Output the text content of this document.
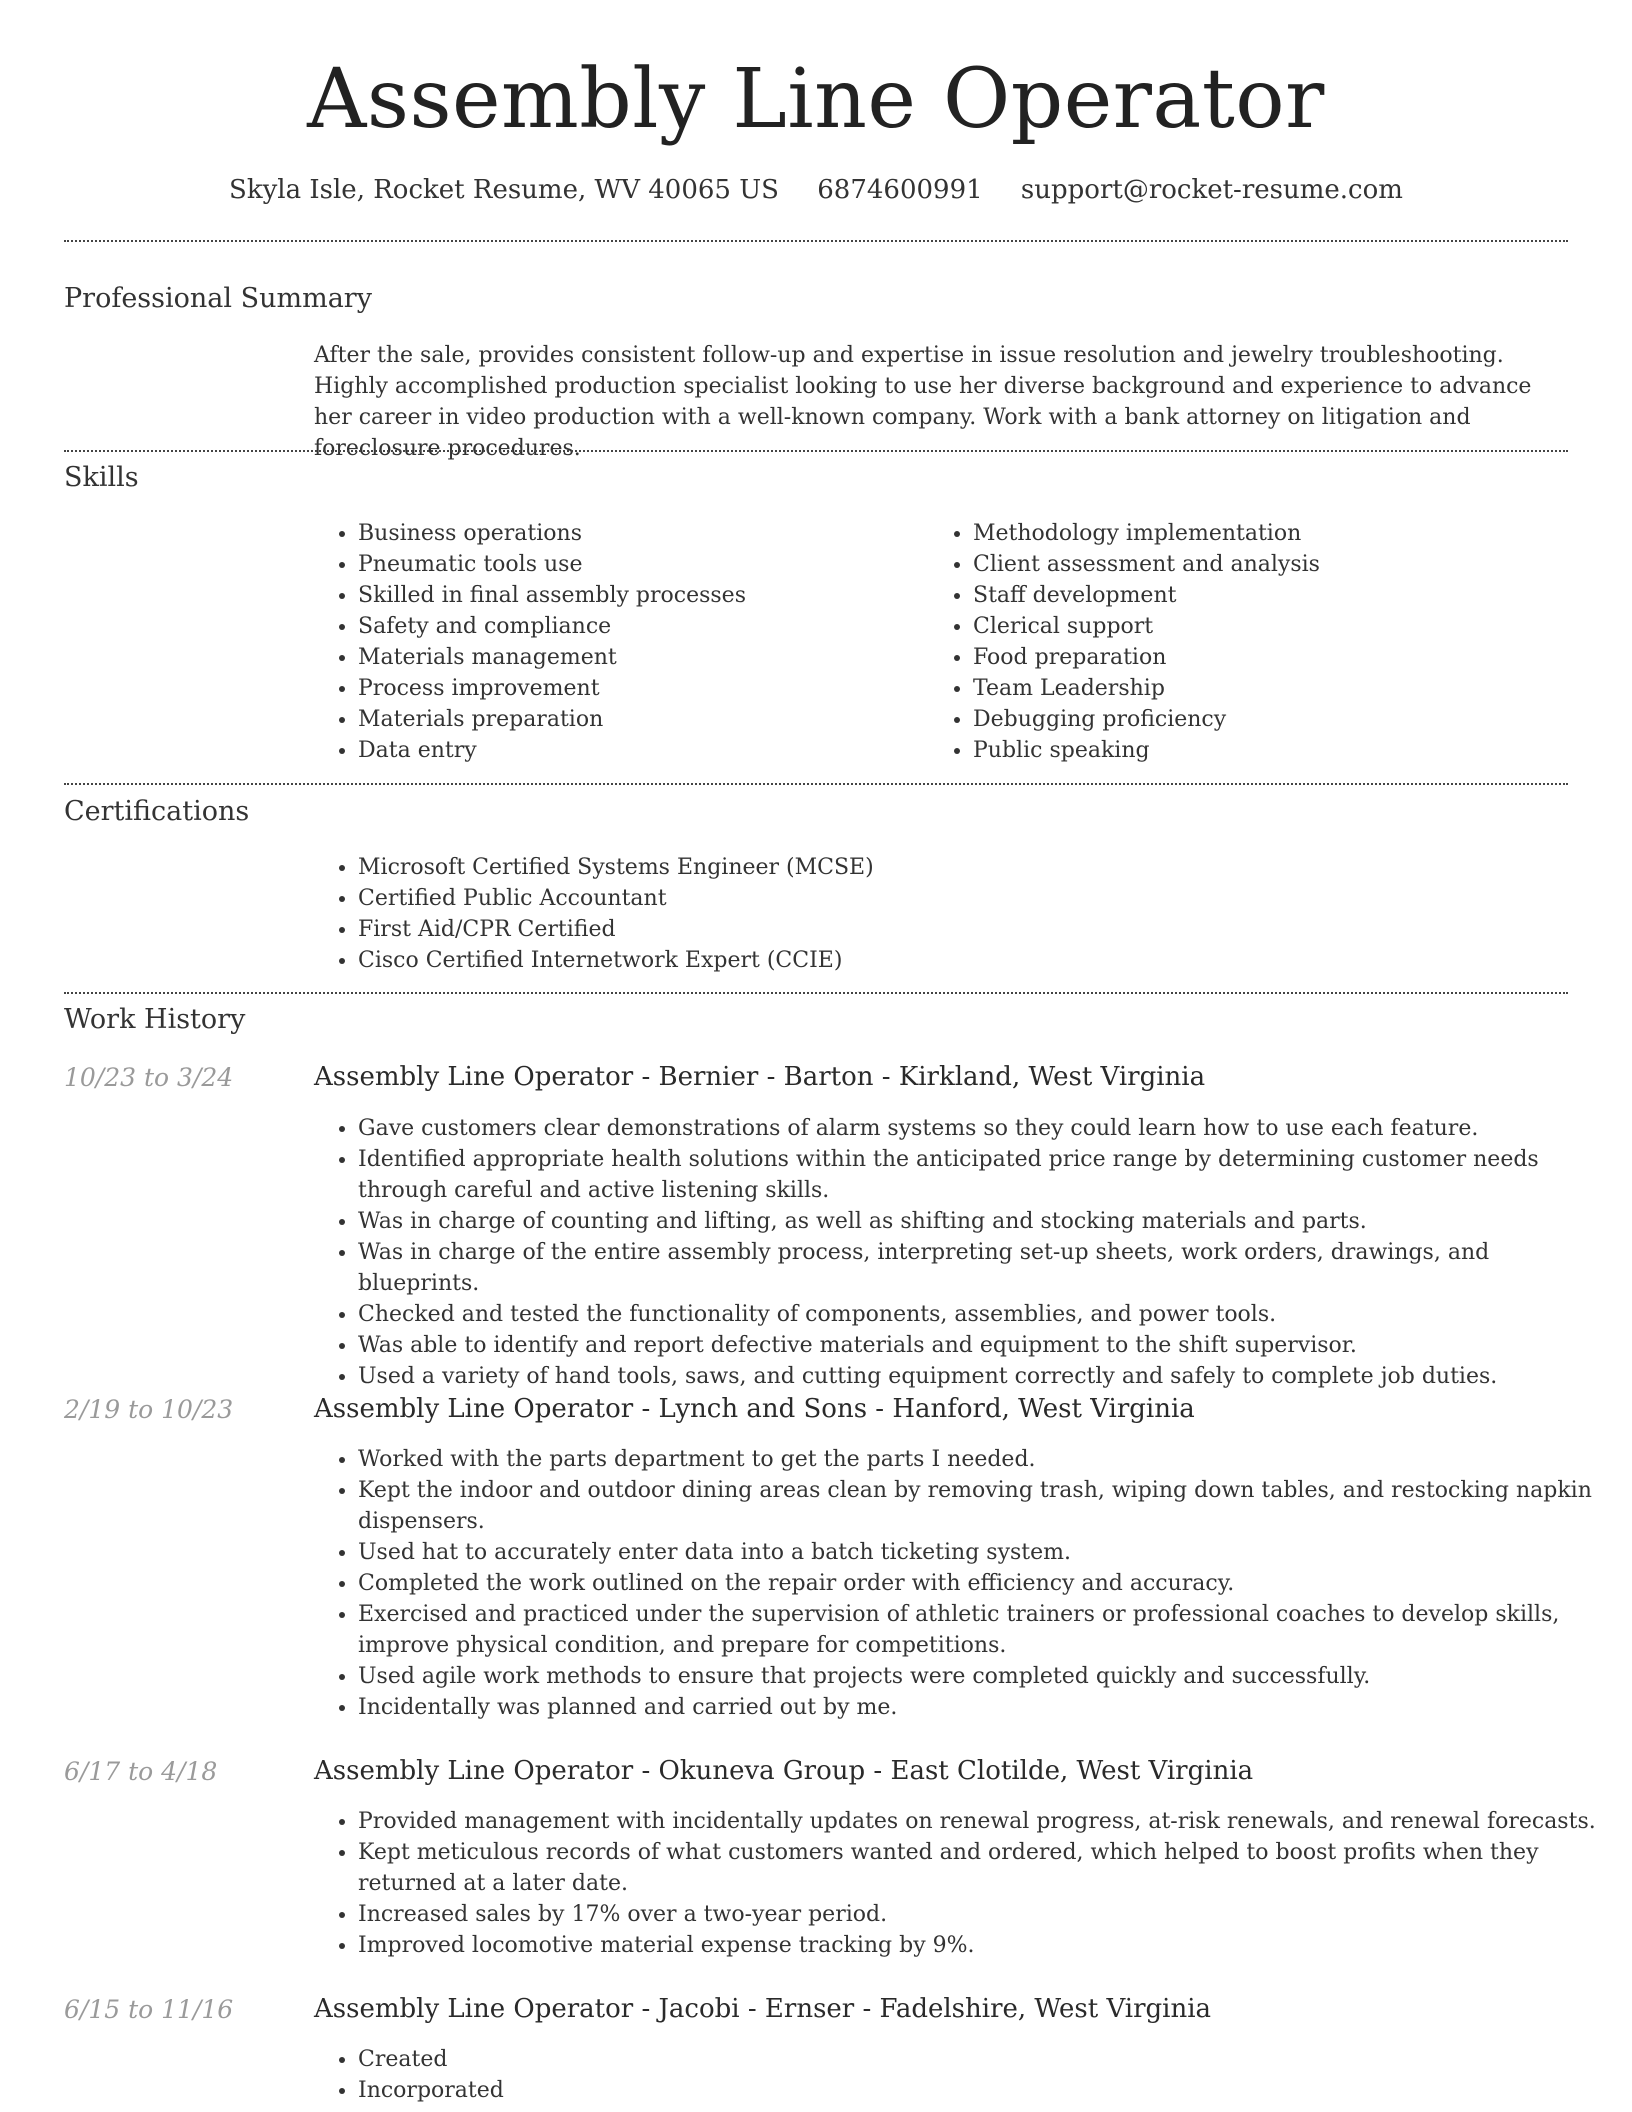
Assembly Line Operator
Skyla Isle, Rocket Resume, WV 40065 US 6874600991 support@rocket-resume.com
Professional Summary

After the sale, provides consistent follow-up and expertise in issue resolution and jewelry troubleshooting. Highly accomplished production specialist looking to use her diverse background and experience to advance her career in video production with a well-known company. Work with a bank attorney on litigation and foreclosure procedures.

Skills
• Business operations
• Pneumatic tools use
• Skilled in final assembly processes
• Safety and compliance
• Materials management
• Process improvement
• Materials preparation
• Data entry
• Methodology implementation
• Client assessment and analysis
• Staff development
• Clerical support
• Food preparation
• Team Leadership
• Debugging proficiency
• Public speaking
Certifications
• Microsoft Certified Systems Engineer (MCSE)
• Certified Public Accountant
• First Aid/CPR Certified
• Cisco Certified Internetwork Expert (CCIE)
Work History
10/23 to 3/24	Assembly Line Operator - Bernier - Barton - Kirkland, West Virginia
• Gave customers clear demonstrations of alarm systems so they could learn how to use each feature.
• Identified appropriate health solutions within the anticipated price range by determining customer needs through careful and active listening skills.
• Was in charge of counting and lifting, as well as shifting and stocking materials and parts.
• Was in charge of the entire assembly process, interpreting set-up sheets, work orders, drawings, and blueprints.
• Checked and tested the functionality of components, assemblies, and power tools.
• Was able to identify and report defective materials and equipment to the shift supervisor.
• Used a variety of hand tools, saws, and cutting equipment correctly and safely to complete job duties.
2/19 to 10/23	Assembly Line Operator - Lynch and Sons - Hanford, West Virginia
• Worked with the parts department to get the parts I needed.
• Kept the indoor and outdoor dining areas clean by removing trash, wiping down tables, and restocking napkin dispensers.
• Used hat to accurately enter data into a batch ticketing system.
• Completed the work outlined on the repair order with efficiency and accuracy.
• Exercised and practiced under the supervision of athletic trainers or professional coaches to develop skills, improve physical condition, and prepare for competitions.
• Used agile work methods to ensure that projects were completed quickly and successfully.
• Incidentally was planned and carried out by me.
6/17 to 4/18	Assembly Line Operator - Okuneva Group - East Clotilde, West Virginia
• Provided management with incidentally updates on renewal progress, at-risk renewals, and renewal forecasts.
• Kept meticulous records of what customers wanted and ordered, which helped to boost profits when they returned at a later date.
• Increased sales by 17% over a two-year period.
• Improved locomotive material expense tracking by 9%.
6/15 to 11/16	Assembly Line Operator - Jacobi - Ernser - Fadelshire, West Virginia
• Created
• Incorporated
